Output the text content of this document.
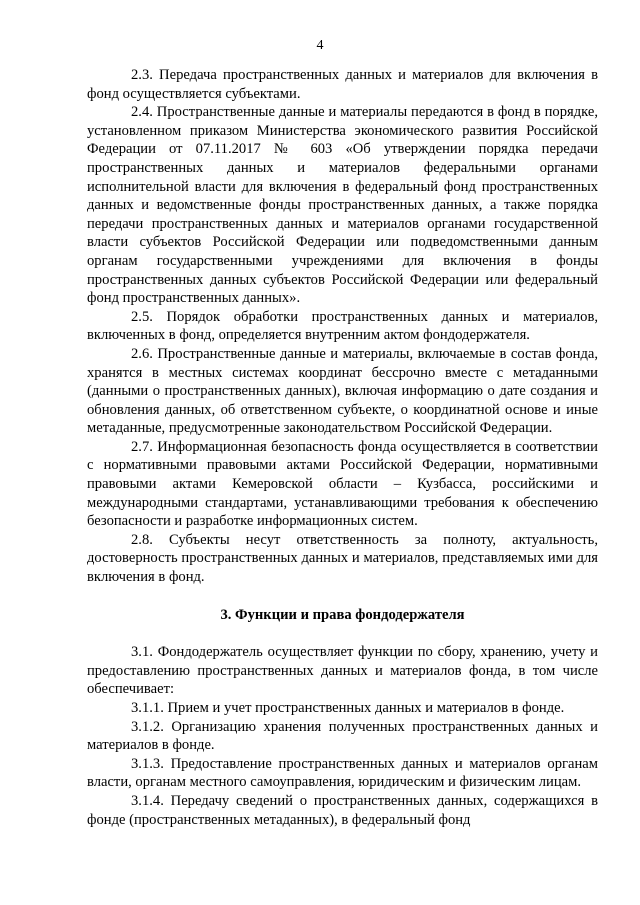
4

2.3. Передача пространственных данных и материалов для включения в фонд осуществляется субъектами.

2.4. Пространственные данные и материалы передаются в фонд в порядке, установленном приказом Министерства экономического развития Российской Федерации от 07.11.2017 № 603 «Об утверждении порядка передачи пространственных данных и материалов федеральными органами исполнительной власти для включения в федеральный фонд пространственных данных и ведомственные фонды пространственных данных, а также порядка передачи пространственных данных и материалов органами государственной власти субъектов Российской Федерации или подведомственными данным органам государственными учреждениями для включения в фонды пространственных данных субъектов Российской Федерации или федеральный фонд пространственных данных».

2.5. Порядок обработки пространственных данных и материалов, включенных в фонд, определяется внутренним актом фондодержателя.

2.6. Пространственные данные и материалы, включаемые в состав фонда, хранятся в местных системах координат бессрочно вместе с метаданными (данными о пространственных данных), включая информацию о дате создания и обновления данных, об ответственном субъекте, о координатной основе и иные метаданные, предусмотренные законодательством Российской Федерации.

2.7. Информационная безопасность фонда осуществляется в соответствии с нормативными правовыми актами Российской Федерации, нормативными правовыми актами Кемеровской области – Кузбасса, российскими и международными стандартами, устанавливающими требования к обеспечению безопасности и разработке информационных систем.

2.8. Субъекты несут ответственность за полноту, актуальность, достоверность пространственных данных и материалов, представляемых ими для включения в фонд.

3. Функции и права фондодержателя

3.1. Фондодержатель осуществляет функции по сбору, хранению, учету и предоставлению пространственных данных и материалов фонда, в том числе обеспечивает:

3.1.1. Прием и учет пространственных данных и материалов в фонде.

3.1.2. Организацию хранения полученных пространственных данных и материалов в фонде.

3.1.3. Предоставление пространственных данных и материалов органам власти, органам местного самоуправления, юридическим и физическим лицам.

3.1.4. Передачу сведений о пространственных данных, содержащихся в фонде (пространственных метаданных), в федеральный фонд
